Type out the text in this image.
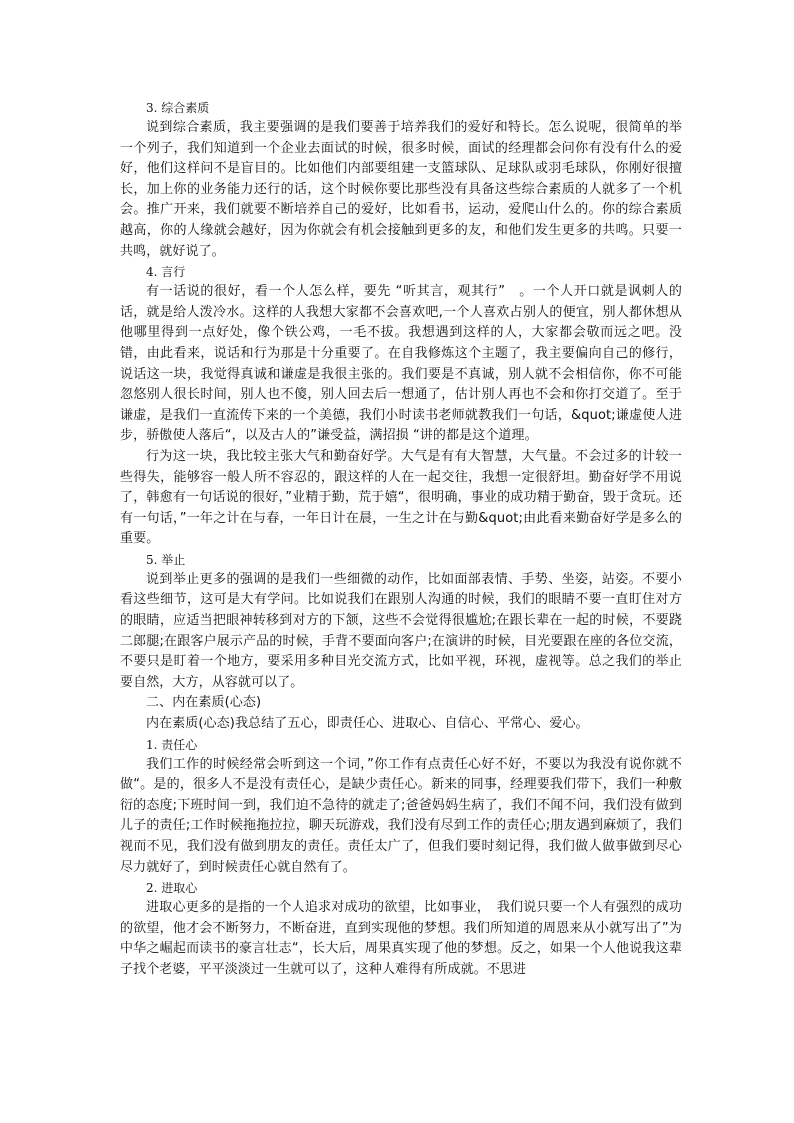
3. 综合素质

说到综合素质，我主要强调的是我们要善于培养我们的爱好和特长。怎么说呢，很简单的举一个列子，我们知道到一个企业去面试的时候，很多时候，面试的经理都会问你有没有什么的爱好，他们这样问不是盲目的。比如他们内部要组建一支篮球队、足球队或羽毛球队，你刚好很擅长，加上你的业务能力还行的话，这个时候你要比那些没有具备这些综合素质的人就多了一个机会。推广开来，我们就要不断培养自己的爱好，比如看书，运动，爱爬山什么的。你的综合素质越高，你的人缘就会越好，因为你就会有机会接触到更多的友，和他们发生更多的共鸣。只要一共鸣，就好说了。

4. 言行

有一话说的很好，看一个人怎么样，要先 “听其言，观其行”　。一个人开口就是讽刺人的话，就是给人泼冷水。这样的人我想大家都不会喜欢吧,一个人喜欢占别人的便宜，别人都休想从他哪里得到一点好处，像个铁公鸡，一毛不拔。我想遇到这样的人，大家都会敬而远之吧。没错，由此看来，说话和行为那是十分重要了。在自我修炼这个主题了，我主要偏向自己的修行，说话这一块，我觉得真诚和谦虚是我很主张的。我们要是不真诚，别人就不会相信你，你不可能忽悠别人很长时间，别人也不傻，别人回去后一想通了，估计别人再也不会和你打交道了。至于谦虚，是我们一直流传下来的一个美德，我们小时读书老师就教我们一句话，&quot;谦虚使人进步，骄傲使人落后“，以及古人的”谦受益，满招损 “讲的都是这个道理。

行为这一块，我比较主张大气和勤奋好学。大气是有有大智慧，大气量。不会过多的计较一些得失，能够容一般人所不容忍的，跟这样的人在一起交往，我想一定很舒坦。勤奋好学不用说了，韩愈有一句话说的很好，”业精于勤，荒于嬉“，很明确，事业的成功精于勤奋，毁于贪玩。还有一句话，”一年之计在与春，一年日计在晨，一生之计在与勤&quot;由此看来勤奋好学是多么的重要。

5. 举止

说到举止更多的强调的是我们一些细微的动作，比如面部表情、手势、坐姿，站姿。不要小看这些细节，这可是大有学问。比如说我们在跟别人沟通的时候，我们的眼睛不要一直盯住对方的眼睛，应适当把眼神转移到对方的下颔，这些不会觉得很尴尬;在跟长辈在一起的时候，不要跷二郎腿;在跟客户展示产品的时候，手背不要面向客户;在演讲的时候，目光要跟在座的各位交流，不要只是盯着一个地方，要采用多种目光交流方式，比如平视，环视，虚视等。总之我们的举止要自然，大方，从容就可以了。

二、内在素质(心态)

内在素质(心态)我总结了五心，即责任心、进取心、自信心、平常心、爱心。

1. 责任心

我们工作的时候经常会听到这一个词，”你工作有点责任心好不好，不要以为我没有说你就不做“。是的，很多人不是没有责任心，是缺少责任心。新来的同事，经理要我们带下，我们一种敷衍的态度;下班时间一到，我们迫不急待的就走了;爸爸妈妈生病了，我们不闻不问，我们没有做到儿子的责任;工作时候拖拖拉拉，聊天玩游戏，我们没有尽到工作的责任心;朋友遇到麻烦了，我们视而不见，我们没有做到朋友的责任。责任太广了，但我们要时刻记得，我们做人做事做到尽心尽力就好了，到时候责任心就自然有了。

2. 进取心

进取心更多的是指的一个人追求对成功的欲望，比如事业，　我们说只要一个人有强烈的成功的欲望，他才会不断努力，不断奋进，直到实现他的梦想。我们所知道的周恩来从小就写出了”为中华之崛起而读书的豪言壮志“，长大后，周果真实现了他的梦想。反之，如果一个人他说我这辈子找个老婆，平平淡淡过一生就可以了，这种人难得有所成就。不思进
